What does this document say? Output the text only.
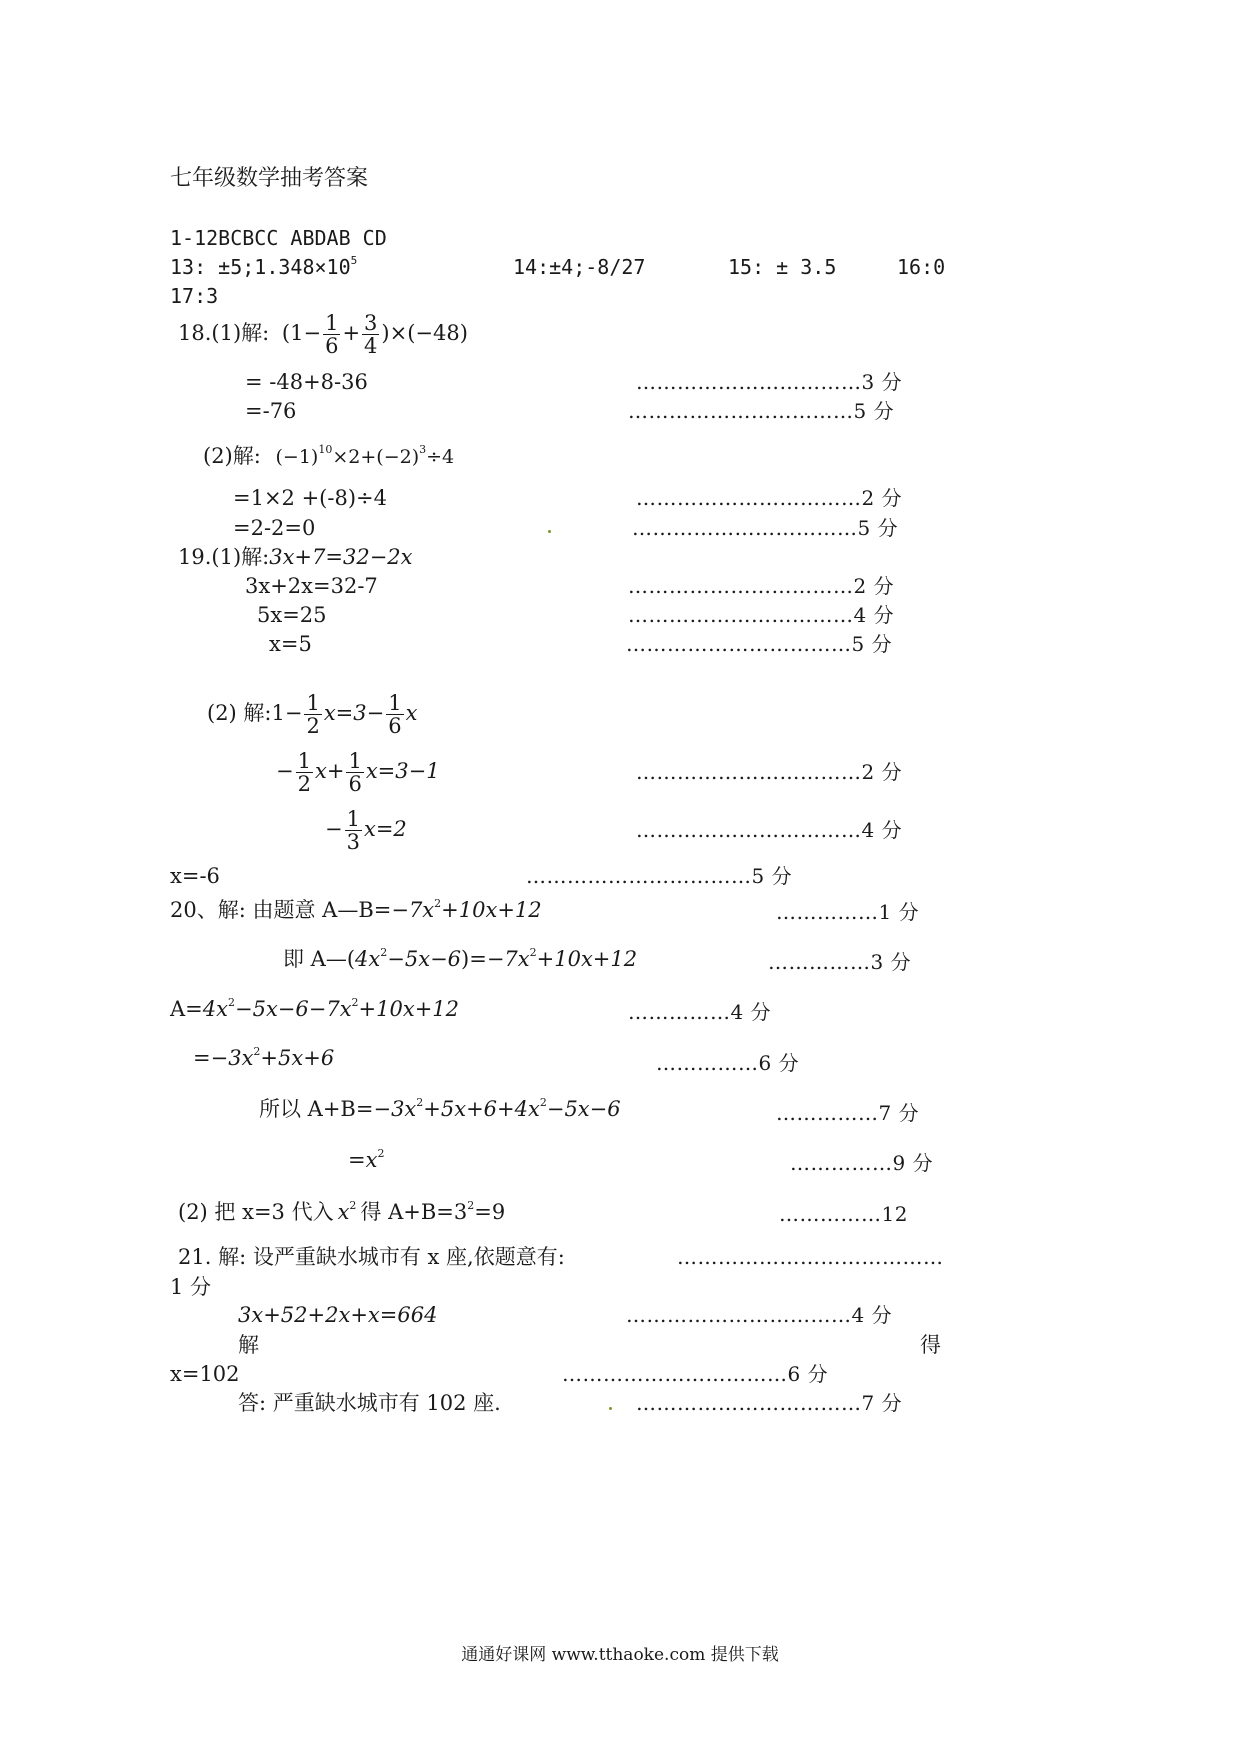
七年级数学抽考答案
1-12BCBCC ABDAB CD
13: $\pm 5;1.348\times 10^5$	14:±4;-8/27	15: ± 3.5	16:0
17:3
18.(1)解: $(1- \frac{1}{6} + \frac{3}{4} )\times(-48)$
= -48+8-36	……………………………3 分
=-76	……………………………5 分
(2)解: $(-1)^{10}\times 2+(-2)^3\div 4$
=1×2 +(-8)÷4	……………………………2 分
=2-2=0	……………………………5 分
19.(1)解:3x+7=32−2x
3x+2x=32-7	……………………………2 分
5x=25	……………………………4 分
x=5	……………………………5 分
(2) 解:1− $\frac{1}{2} x=3- \frac{1}{6}$ x
− $\frac{1}{2} x+ \frac{1}{6} x=3-1$	……………………………2 分
− $\frac{1}{3} x=2$	……………………………4 分
x=-6	……………………………5 分
20、解: 由题意 $A—B=-7x^2+10x+12$	……………1 分
即 $A—(4x^2-5x-6)=-7x^2+10x+12$	……………3 分
$A=4x^2-5x-6-7x^2+10x+12$	……………4 分
$=-3x^2+5x+6$	……………6 分
所以 $A+B=-3x^2+5x+6+4x^2-5x-6$	……………7 分
$=x^2$	……………9 分
(2) 把 x=3 代入 $x^2$ 得 $A+B=3^2=9$	……………12
21. 解: 设严重缺水城市有 x 座,依题意有:	…………………………………
1 分
3x+52+2x+x=664	……………………………4 分
解	得
x=102	……………………………6 分
答: 严重缺水城市有 102 座.	……………………………7 分
通通好课网 www.tthaoke.com 提供下载
